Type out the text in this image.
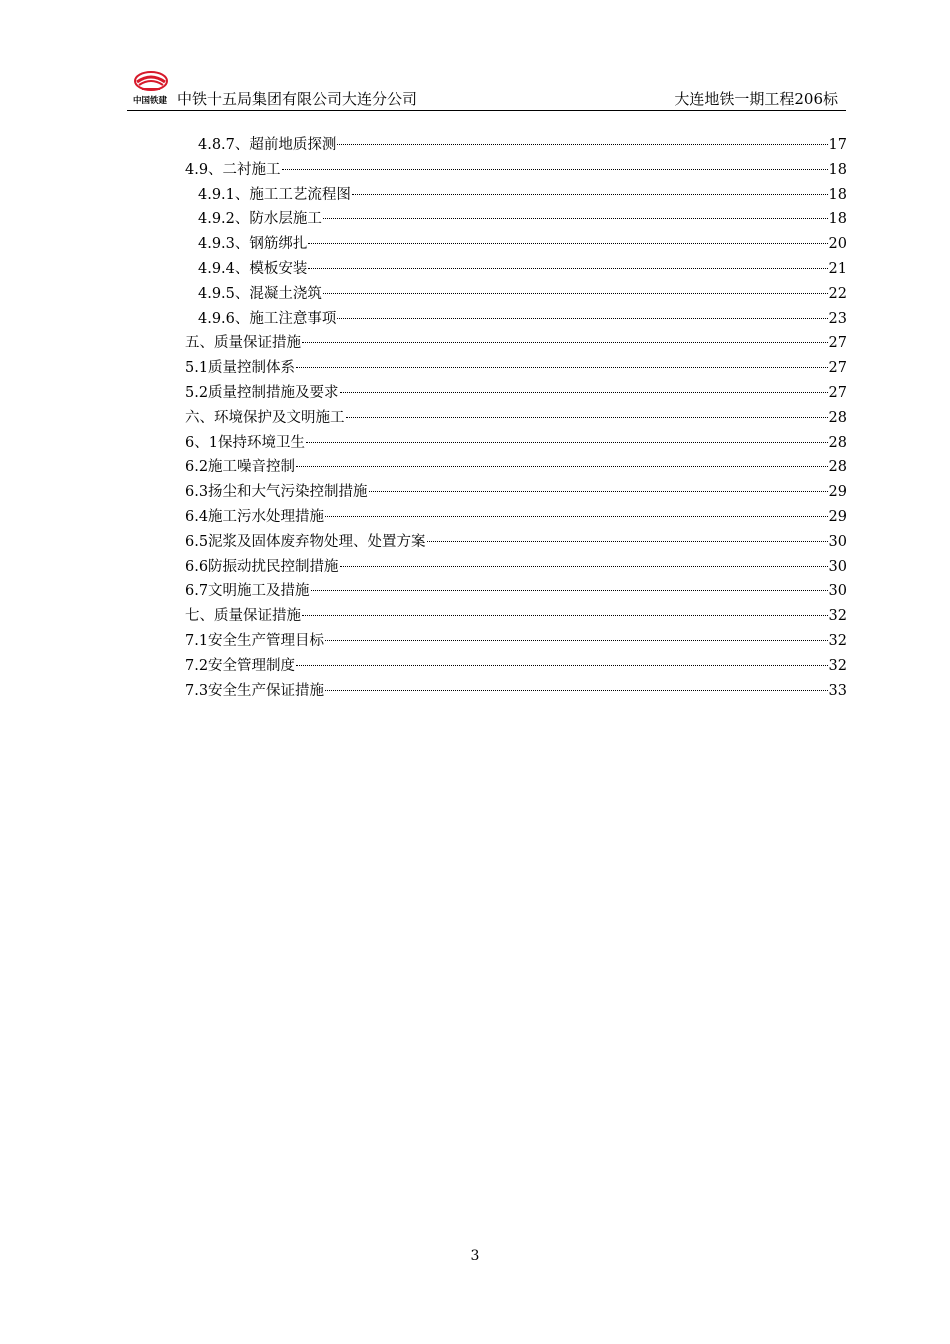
中国铁建 中铁十五局集团有限公司大连分公司	大连地铁一期工程206标
4.8.7、超前地质探测	17
4.9、二衬施工	18
4.9.1、施工工艺流程图	18
4.9.2、防水层施工	18
4.9.3、钢筋绑扎	20
4.9.4、模板安装	21
4.9.5、混凝土浇筑	22
4.9.6、施工注意事项	23
五、质量保证措施	27
5.1质量控制体系	27
5.2质量控制措施及要求	27
六、环境保护及文明施工	28
6、1保持环境卫生	28
6.2施工噪音控制	28
6.3扬尘和大气污染控制措施	29
6.4施工污水处理措施	29
6.5泥浆及固体废弃物处理、处置方案	30
6.6防振动扰民控制措施	30
6.7文明施工及措施	30
七、质量保证措施	32
7.1安全生产管理目标	32
7.2安全管理制度	32
7.3安全生产保证措施	33
3
